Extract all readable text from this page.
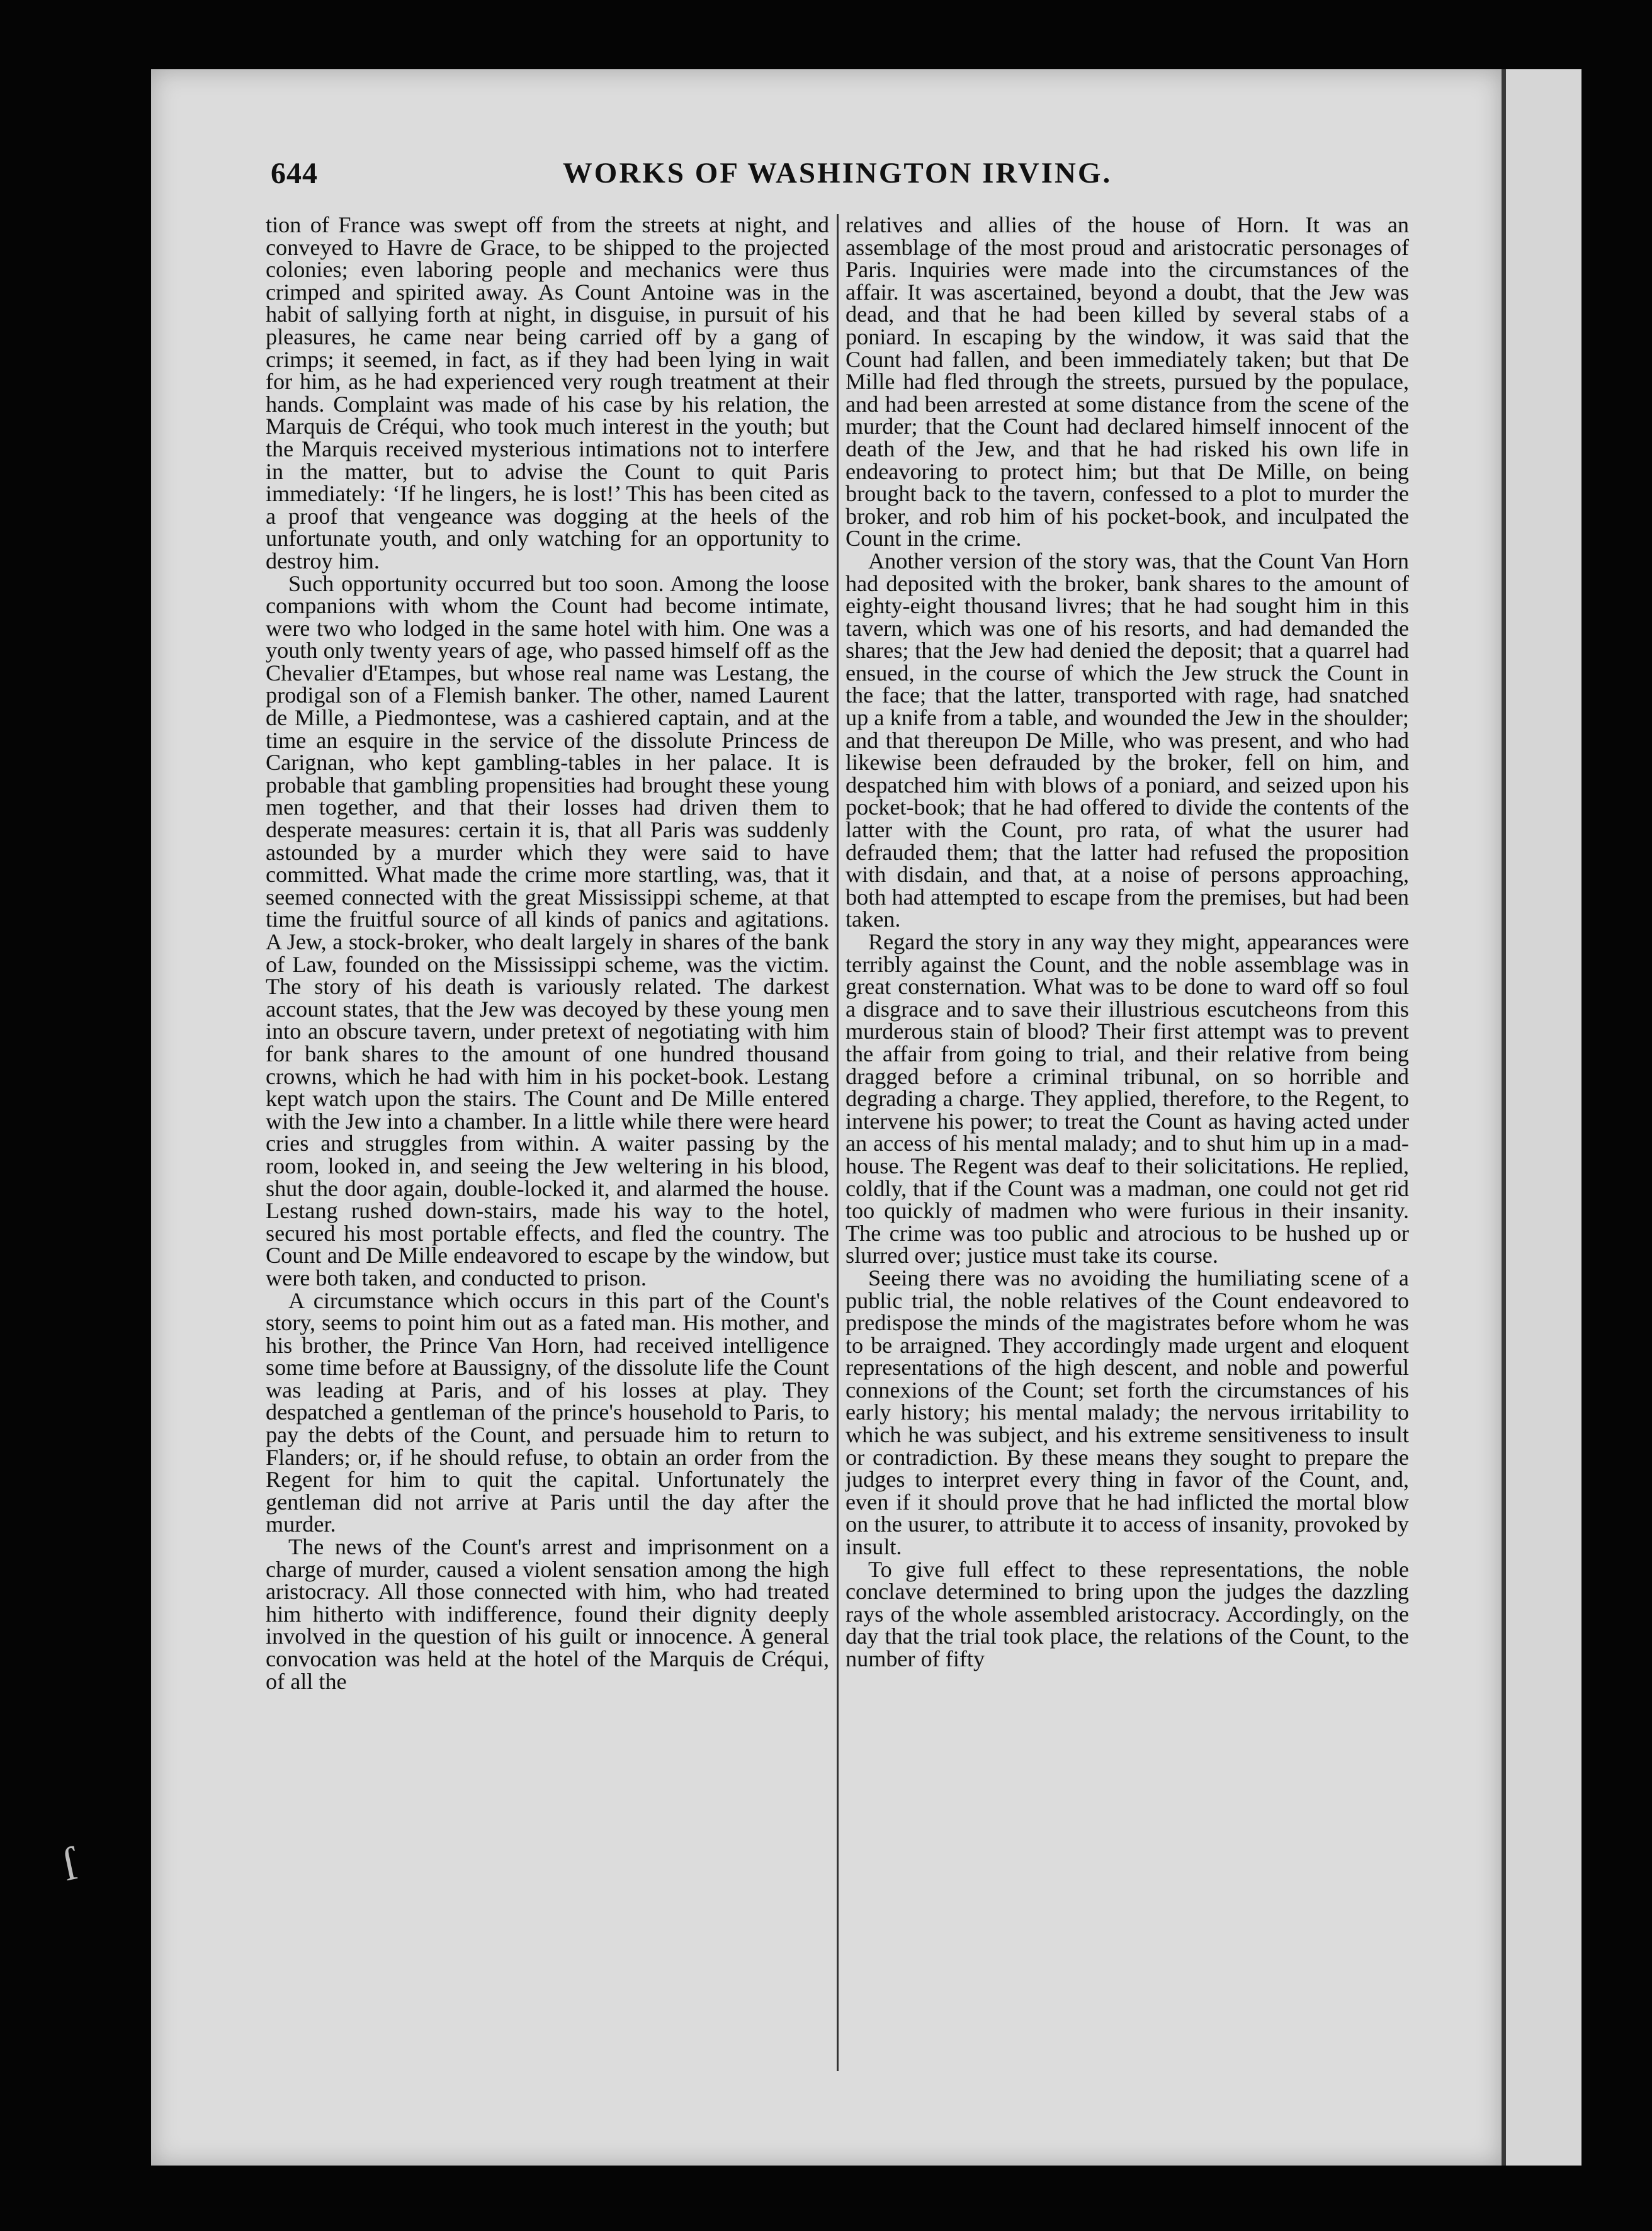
ſ
644	WORKS OF WASHINGTON IRVING.

tion of France was swept off from the streets at night, and conveyed to Havre de Grace, to be shipped to the projected colonies; even laboring people and mechanics were thus crimped and spirited away. As Count Antoine was in the habit of sallying forth at night, in disguise, in pursuit of his pleasures, he came near being carried off by a gang of crimps; it seemed, in fact, as if they had been lying in wait for him, as he had experienced very rough treatment at their hands. Complaint was made of his case by his relation, the Marquis de Créqui, who took much interest in the youth; but the Marquis received mysterious intimations not to interfere in the matter, but to advise the Count to quit Paris immediately: ‘If he lingers, he is lost!’ This has been cited as a proof that vengeance was dogging at the heels of the unfortunate youth, and only watching for an opportunity to destroy him.

Such opportunity occurred but too soon. Among the loose companions with whom the Count had become intimate, were two who lodged in the same hotel with him. One was a youth only twenty years of age, who passed himself off as the Chevalier d'Etampes, but whose real name was Lestang, the prodigal son of a Flemish banker. The other, named Laurent de Mille, a Piedmontese, was a cashiered captain, and at the time an esquire in the service of the dissolute Princess de Carignan, who kept gambling-tables in her palace. It is probable that gambling propensities had brought these young men together, and that their losses had driven them to desperate measures: certain it is, that all Paris was suddenly astounded by a murder which they were said to have committed. What made the crime more startling, was, that it seemed connected with the great Mississippi scheme, at that time the fruitful source of all kinds of panics and agitations. A Jew, a stock-broker, who dealt largely in shares of the bank of Law, founded on the Mississippi scheme, was the victim. The story of his death is variously related. The darkest account states, that the Jew was decoyed by these young men into an obscure tavern, under pretext of negotiating with him for bank shares to the amount of one hundred thousand crowns, which he had with him in his pocket-book. Lestang kept watch upon the stairs. The Count and De Mille entered with the Jew into a chamber. In a little while there were heard cries and struggles from within. A waiter passing by the room, looked in, and seeing the Jew weltering in his blood, shut the door again, double-locked it, and alarmed the house. Lestang rushed down-stairs, made his way to the hotel, secured his most portable effects, and fled the country. The Count and De Mille endeavored to escape by the window, but were both taken, and conducted to prison.

A circumstance which occurs in this part of the Count's story, seems to point him out as a fated man. His mother, and his brother, the Prince Van Horn, had received intelligence some time before at Baussigny, of the dissolute life the Count was leading at Paris, and of his losses at play. They despatched a gentleman of the prince's household to Paris, to pay the debts of the Count, and persuade him to return to Flanders; or, if he should refuse, to obtain an order from the Regent for him to quit the capital. Unfortunately the gentleman did not arrive at Paris until the day after the murder.

The news of the Count's arrest and imprisonment on a charge of murder, caused a violent sensation among the high aristocracy. All those connected with him, who had treated him hitherto with indifference, found their dignity deeply involved in the question of his guilt or innocence. A general convocation was held at the hotel of the Marquis de Créqui, of all the

relatives and allies of the house of Horn. It was an assemblage of the most proud and aristocratic personages of Paris. Inquiries were made into the circumstances of the affair. It was ascertained, beyond a doubt, that the Jew was dead, and that he had been killed by several stabs of a poniard. In escaping by the window, it was said that the Count had fallen, and been immediately taken; but that De Mille had fled through the streets, pursued by the populace, and had been arrested at some distance from the scene of the murder; that the Count had declared himself innocent of the death of the Jew, and that he had risked his own life in endeavoring to protect him; but that De Mille, on being brought back to the tavern, confessed to a plot to murder the broker, and rob him of his pocket-book, and inculpated the Count in the crime.

Another version of the story was, that the Count Van Horn had deposited with the broker, bank shares to the amount of eighty-eight thousand livres; that he had sought him in this tavern, which was one of his resorts, and had demanded the shares; that the Jew had denied the deposit; that a quarrel had ensued, in the course of which the Jew struck the Count in the face; that the latter, transported with rage, had snatched up a knife from a table, and wounded the Jew in the shoulder; and that thereupon De Mille, who was present, and who had likewise been defrauded by the broker, fell on him, and despatched him with blows of a poniard, and seized upon his pocket-book; that he had offered to divide the contents of the latter with the Count, pro rata, of what the usurer had defrauded them; that the latter had refused the proposition with disdain, and that, at a noise of persons approaching, both had attempted to escape from the premises, but had been taken.

Regard the story in any way they might, appearances were terribly against the Count, and the noble assemblage was in great consternation. What was to be done to ward off so foul a disgrace and to save their illustrious escutcheons from this murderous stain of blood? Their first attempt was to prevent the affair from going to trial, and their relative from being dragged before a criminal tribunal, on so horrible and degrading a charge. They applied, therefore, to the Regent, to intervene his power; to treat the Count as having acted under an access of his mental malady; and to shut him up in a mad-house. The Regent was deaf to their solicitations. He replied, coldly, that if the Count was a madman, one could not get rid too quickly of madmen who were furious in their insanity. The crime was too public and atrocious to be hushed up or slurred over; justice must take its course.

Seeing there was no avoiding the humiliating scene of a public trial, the noble relatives of the Count endeavored to predispose the minds of the magistrates before whom he was to be arraigned. They accordingly made urgent and eloquent representations of the high descent, and noble and powerful connexions of the Count; set forth the circumstances of his early history; his mental malady; the nervous irritability to which he was subject, and his extreme sensitiveness to insult or contradiction. By these means they sought to prepare the judges to interpret every thing in favor of the Count, and, even if it should prove that he had inflicted the mortal blow on the usurer, to attribute it to access of insanity, provoked by insult.

To give full effect to these representations, the noble conclave determined to bring upon the judges the dazzling rays of the whole assembled aristocracy. Accordingly, on the day that the trial took place, the relations of the Count, to the number of fifty
